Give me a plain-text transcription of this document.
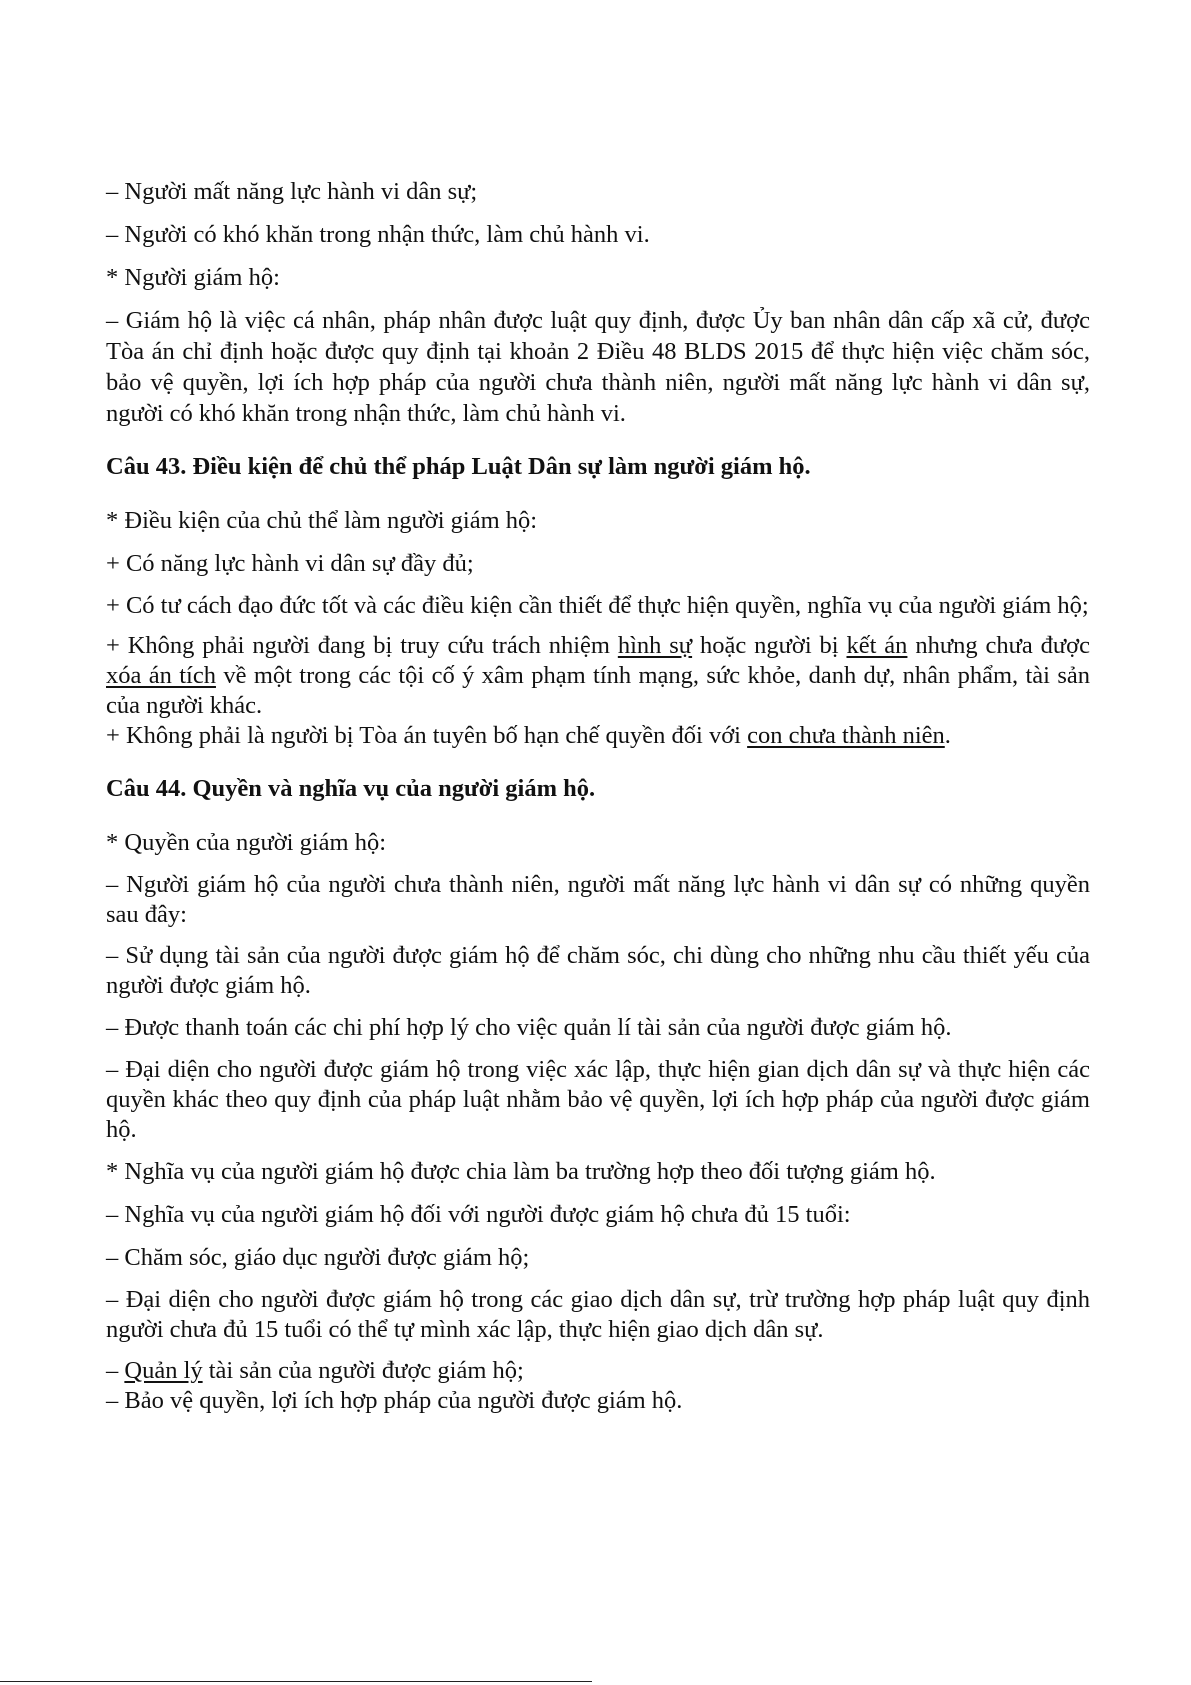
– Người mất năng lực hành vi dân sự;

– Người có khó khăn trong nhận thức, làm chủ hành vi.

* Người giám hộ:

– Giám hộ là việc cá nhân, pháp nhân được luật quy định, được Ủy ban nhân dân cấp xã cử, được Tòa án chỉ định hoặc được quy định tại khoản 2 Điều 48 BLDS 2015 để thực hiện việc chăm sóc, bảo vệ quyền, lợi ích hợp pháp của người chưa thành niên, người mất năng lực hành vi dân sự, người có khó khăn trong nhận thức, làm chủ hành vi.

Câu 43. Điều kiện để chủ thể pháp Luật Dân sự làm người giám hộ.

* Điều kiện của chủ thể làm người giám hộ:

+ Có năng lực hành vi dân sự đầy đủ;

+ Có tư cách đạo đức tốt và các điều kiện cần thiết để thực hiện quyền, nghĩa vụ của người giám hộ;

+ Không phải người đang bị truy cứu trách nhiệm hình sự hoặc người bị kết án nhưng chưa được xóa án tích về một trong các tội cố ý xâm phạm tính mạng, sức khỏe, danh dự, nhân phẩm, tài sản của người khác.

+ Không phải là người bị Tòa án tuyên bố hạn chế quyền đối với con chưa thành niên.

Câu 44. Quyền và nghĩa vụ của người giám hộ.

* Quyền của người giám hộ:

– Người giám hộ của người chưa thành niên, người mất năng lực hành vi dân sự có những quyền sau đây:

– Sử dụng tài sản của người được giám hộ để chăm sóc, chi dùng cho những nhu cầu thiết yếu của người được giám hộ.

– Được thanh toán các chi phí hợp lý cho việc quản lí tài sản của người được giám hộ.

– Đại diện cho người được giám hộ trong việc xác lập, thực hiện gian dịch dân sự và thực hiện các quyền khác theo quy định của pháp luật nhằm bảo vệ quyền, lợi ích hợp pháp của người được giám hộ.

* Nghĩa vụ của người giám hộ được chia làm ba trường hợp theo đối tượng giám hộ.

– Nghĩa vụ của người giám hộ đối với người được giám hộ chưa đủ 15 tuổi:

– Chăm sóc, giáo dục người được giám hộ;

– Đại diện cho người được giám hộ trong các giao dịch dân sự, trừ trường hợp pháp luật quy định người chưa đủ 15 tuổi có thể tự mình xác lập, thực hiện giao dịch dân sự.

– Quản lý tài sản của người được giám hộ;

– Bảo vệ quyền, lợi ích hợp pháp của người được giám hộ.
